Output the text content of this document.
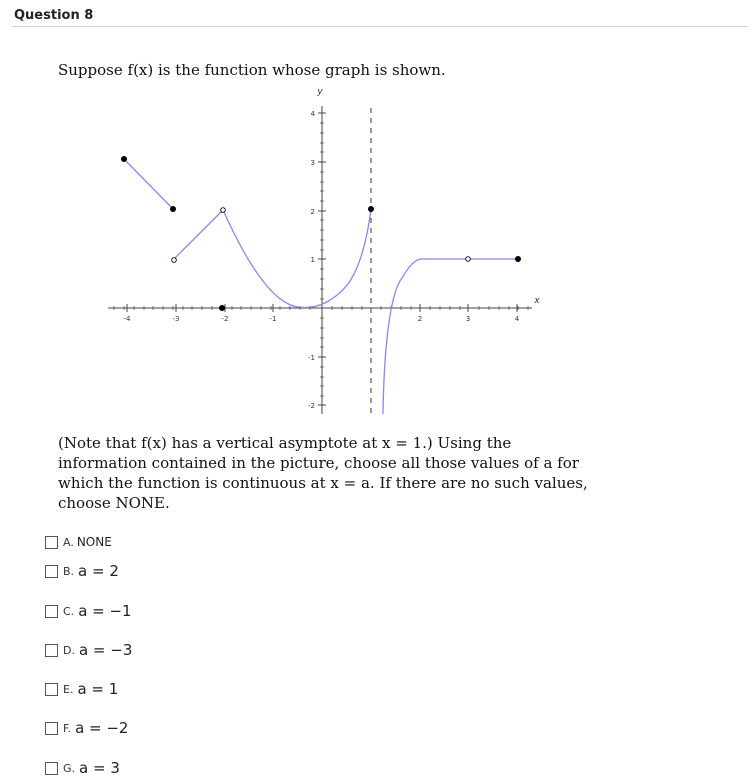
Question 8
Suppose f(x) is the function whose graph is shown.
-4	-3	-2	-1	2	3	4
4
3
2
1
-1
-2
y
x
(Note that f(x) has a vertical asymptote at x = 1.) Using the information contained in the picture, choose all those values of a for which the function is continuous at x = a. If there are no such values, choose NONE.
A. NONE
B. a = 2
C. a = −1
D. a = −3
E. a = 1
F. a = −2
G. a = 3
